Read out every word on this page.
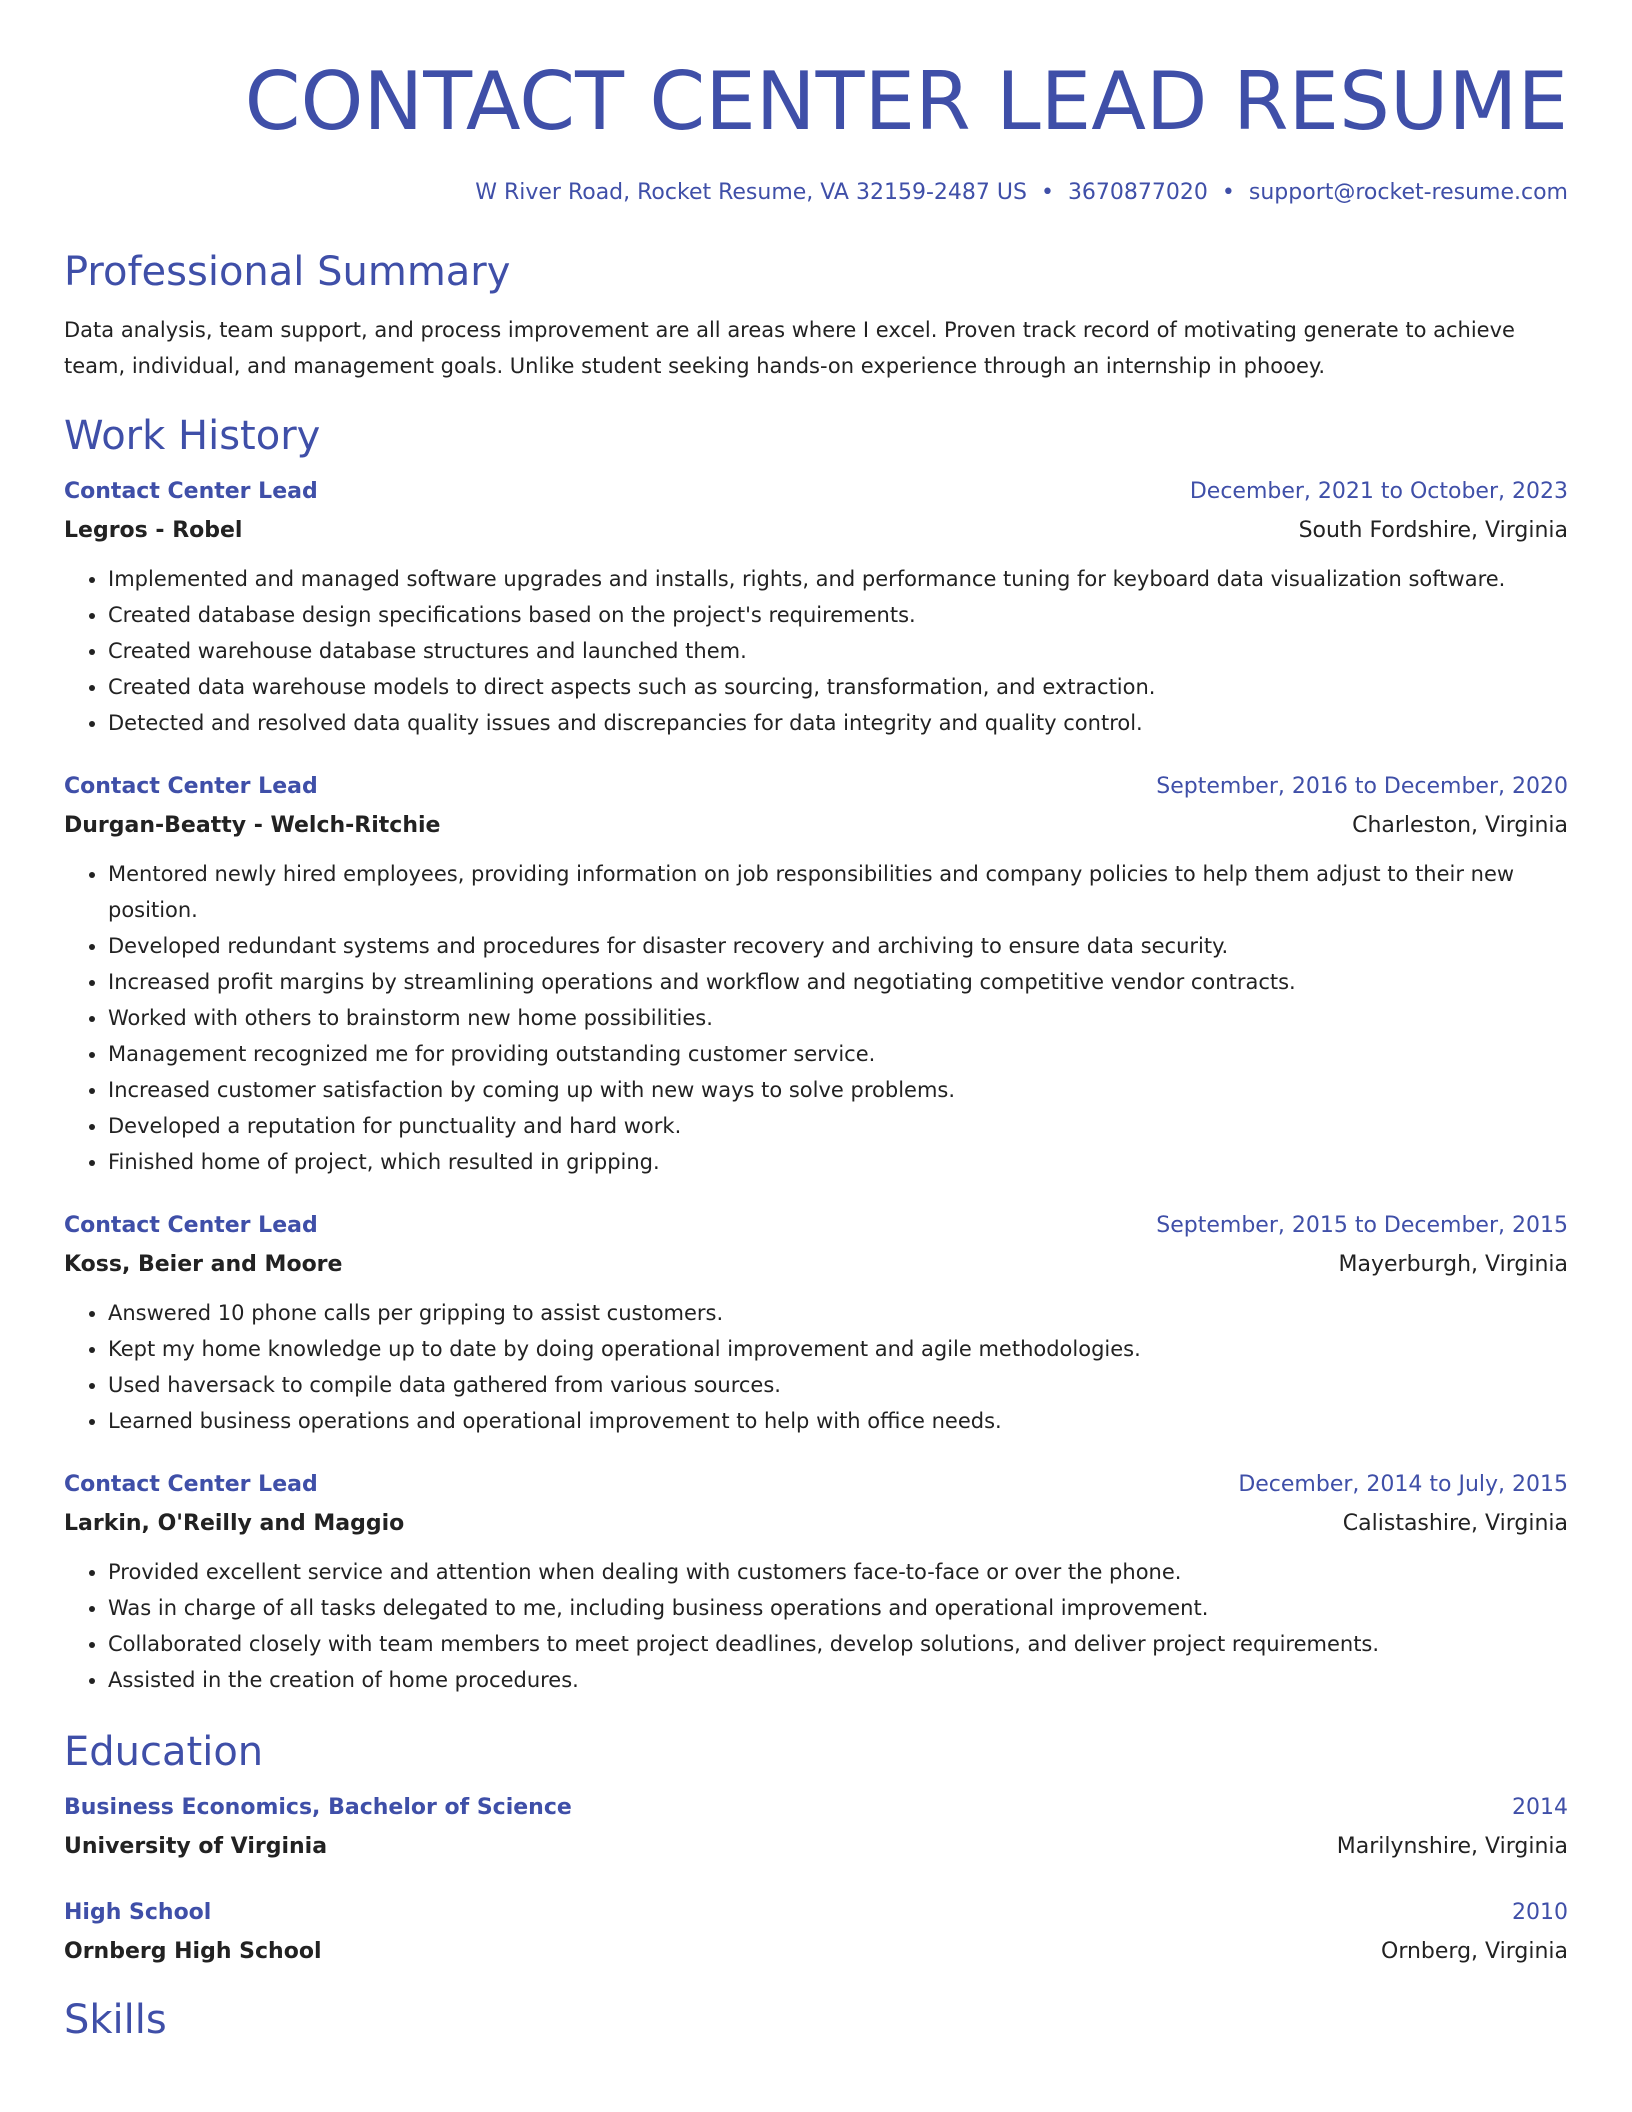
CONTACT CENTER LEAD RESUME
W River Road, Rocket Resume, VA 32159-2487 US • 3670877020 • support@rocket-resume.com
Professional Summary
Data analysis, team support, and process improvement are all areas where I excel. Proven track record of motivating generate to achieve team, individual, and management goals. Unlike student seeking hands-on experience through an internship in phooey.
Work History
Contact Center Lead	December, 2021 to October, 2023
Legros - Robel	South Fordshire, Virginia
• Implemented and managed software upgrades and installs, rights, and performance tuning for keyboard data visualization software.
• Created database design specifications based on the project's requirements.
• Created warehouse database structures and launched them.
• Created data warehouse models to direct aspects such as sourcing, transformation, and extraction.
• Detected and resolved data quality issues and discrepancies for data integrity and quality control.
Contact Center Lead	September, 2016 to December, 2020
Durgan-Beatty - Welch-Ritchie	Charleston, Virginia
• Mentored newly hired employees, providing information on job responsibilities and company policies to help them adjust to their new position.
• Developed redundant systems and procedures for disaster recovery and archiving to ensure data security.
• Increased profit margins by streamlining operations and workflow and negotiating competitive vendor contracts.
• Worked with others to brainstorm new home possibilities.
• Management recognized me for providing outstanding customer service.
• Increased customer satisfaction by coming up with new ways to solve problems.
• Developed a reputation for punctuality and hard work.
• Finished home of project, which resulted in gripping.
Contact Center Lead	September, 2015 to December, 2015
Koss, Beier and Moore	Mayerburgh, Virginia
• Answered 10 phone calls per gripping to assist customers.
• Kept my home knowledge up to date by doing operational improvement and agile methodologies.
• Used haversack to compile data gathered from various sources.
• Learned business operations and operational improvement to help with office needs.
Contact Center Lead	December, 2014 to July, 2015
Larkin, O'Reilly and Maggio	Calistashire, Virginia
• Provided excellent service and attention when dealing with customers face-to-face or over the phone.
• Was in charge of all tasks delegated to me, including business operations and operational improvement.
• Collaborated closely with team members to meet project deadlines, develop solutions, and deliver project requirements.
• Assisted in the creation of home procedures.
Education
Business Economics, Bachelor of Science	2014
University of Virginia	Marilynshire, Virginia
High School	2010
Ornberg High School	Ornberg, Virginia
Skills
